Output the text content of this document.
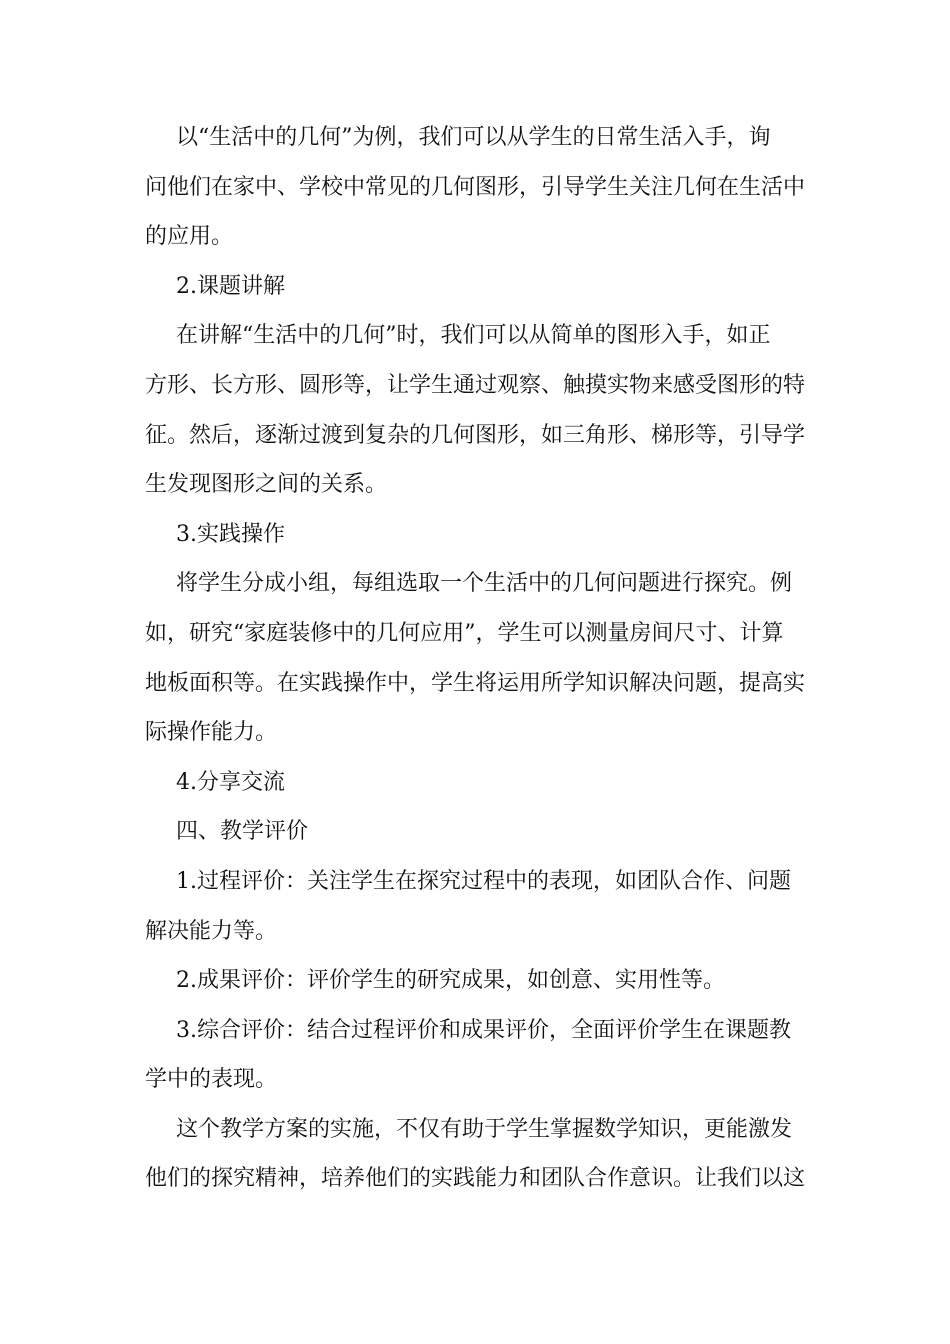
以“生活中的几何”为例，我们可以从学生的日常生活入手，询
问他们在家中、学校中常见的几何图形，引导学生关注几何在生活中
的应用。
2.课题讲解
在讲解“生活中的几何”时，我们可以从简单的图形入手，如正
方形、长方形、圆形等，让学生通过观察、触摸实物来感受图形的特
征。然后，逐渐过渡到复杂的几何图形，如三角形、梯形等，引导学
生发现图形之间的关系。
3.实践操作
将学生分成小组，每组选取一个生活中的几何问题进行探究。例
如，研究“家庭装修中的几何应用”，学生可以测量房间尺寸、计算
地板面积等。在实践操作中，学生将运用所学知识解决问题，提高实
际操作能力。
4.分享交流
四、教学评价
1.过程评价：关注学生在探究过程中的表现，如团队合作、问题
解决能力等。
2.成果评价：评价学生的研究成果，如创意、实用性等。
3.综合评价：结合过程评价和成果评价，全面评价学生在课题教
学中的表现。
这个教学方案的实施，不仅有助于学生掌握数学知识，更能激发
他们的探究精神，培养他们的实践能力和团队合作意识。让我们以这
